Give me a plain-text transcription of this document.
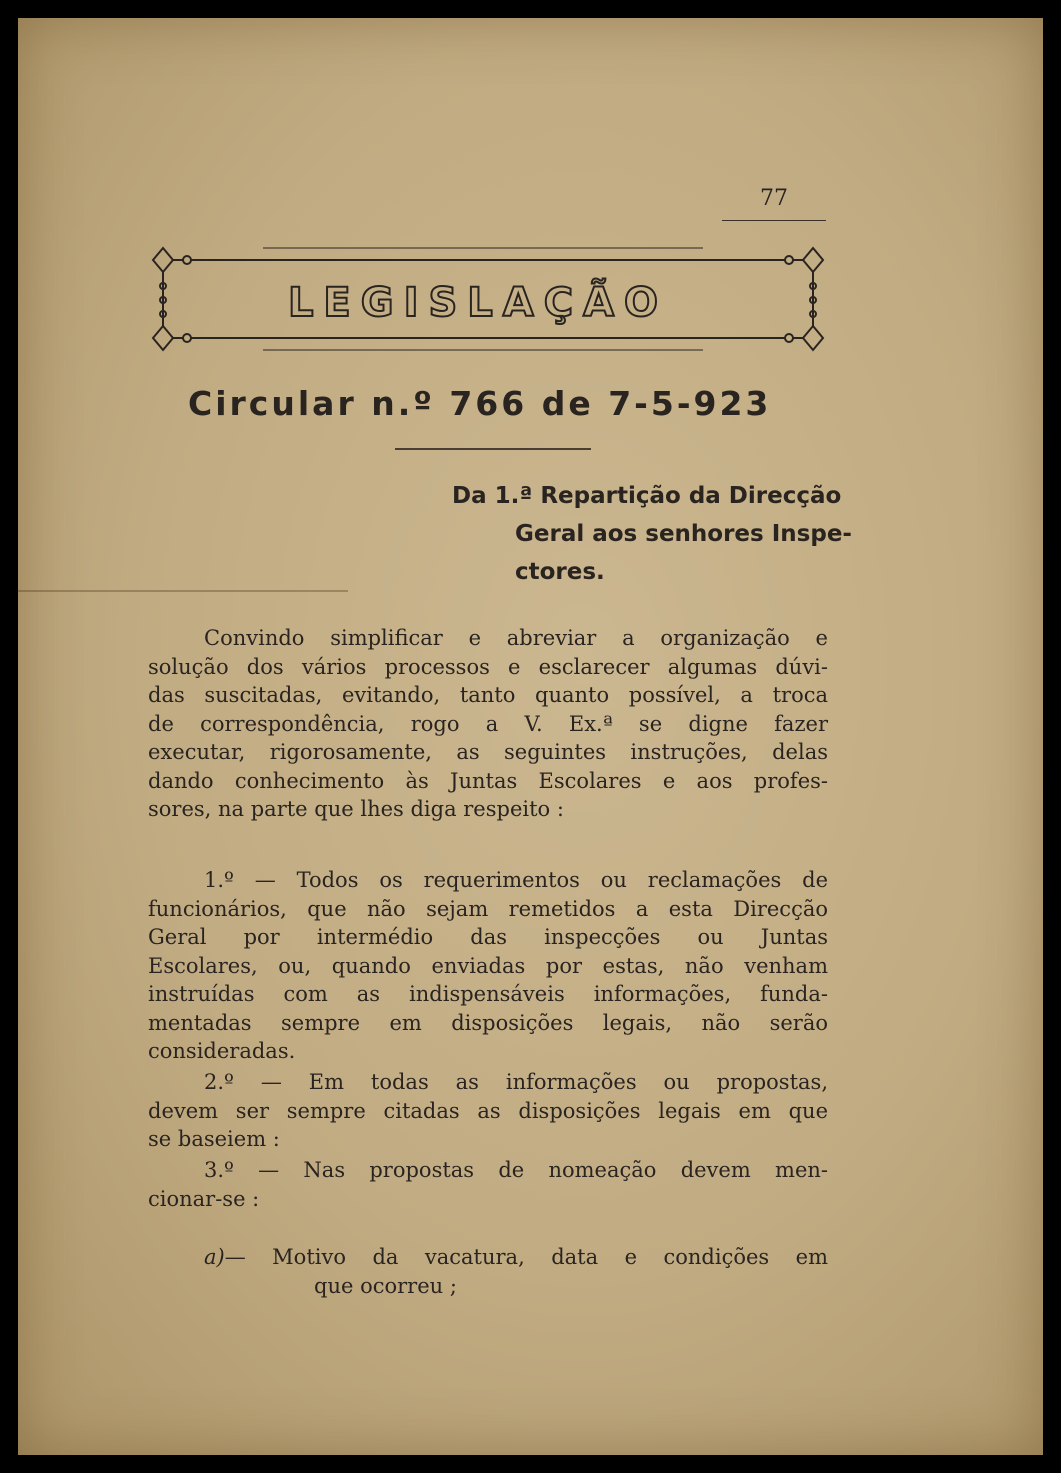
77
LEGISLAÇÃO
Circular n.º 766 de 7-5-923
Da 1.ª Repartição da Direcção
Geral aos senhores Inspe-
ctores.
Convindo simplificar e abreviar a organização e
solução dos vários processos e esclarecer algumas dúvi-
das suscitadas, evitando, tanto quanto possível, a troca
de correspondência, rogo a V. Ex.ª se digne fazer
executar, rigorosamente, as seguintes instruções, delas
dando conhecimento às Juntas Escolares e aos profes-
sores, na parte que lhes diga respeito :
1.º — Todos os requerimentos ou reclamações de
funcionários, que não sejam remetidos a esta Direcção
Geral por intermédio das inspecções ou Juntas
Escolares, ou, quando enviadas por estas, não venham
instruídas com as indispensáveis informações, funda-
mentadas sempre em disposições legais, não serão
consideradas.
2.º — Em todas as informações ou propostas,
devem ser sempre citadas as disposições legais em que
se baseiem :
3.º — Nas propostas de nomeação devem men-
cionar-se :
a)— Motivo da vacatura, data e condições em
que ocorreu ;
